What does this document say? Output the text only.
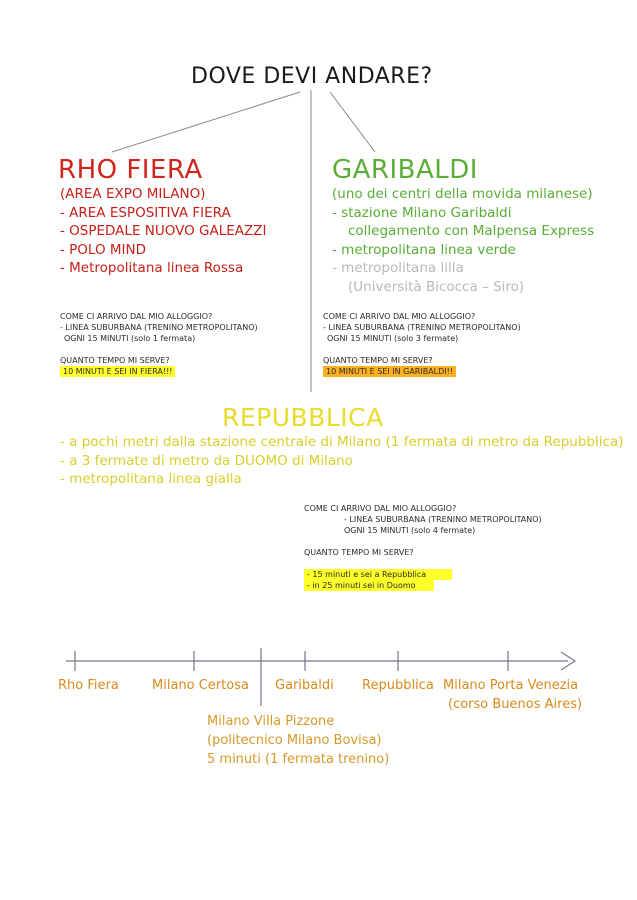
DOVE DEVI ANDARE?
RHO FIERA
(AREA EXPO MILANO)
- AREA ESPOSITIVA FIERA
- OSPEDALE NUOVO GALEAZZI
- POLO MIND
- Metropolitana linea Rossa
COME CI ARRIVO DAL MIO ALLOGGIO?
- LINEA SUBURBANA (TRENINO METROPOLITANO)
OGNI 15 MINUTI (solo 1 fermata)
QUANTO TEMPO MI SERVE?
10 MINUTI E SEI IN FIERA!!!
GARIBALDI
(uno dei centri della movida milanese)
- stazione Milano Garibaldi
collegamento con Malpensa Express
- metropolitana linea verde
- metropolitana lilla
(Università Bicocca – Siro)
COME CI ARRIVO DAL MIO ALLOGGIO?
- LINEA SUBURBANA (TRENINO METROPOLITANO)
OGNI 15 MINUTI (solo 3 fermate)
QUANTO TEMPO MI SERVE?
10 MINUTI E SEI IN GARIBALDI!!
REPUBBLICA
- a pochi metri dalla stazione centrale di Milano (1 fermata di metro da Repubblica)
- a 3 fermate di metro da DUOMO di Milano
- metropolitana linea gialla
COME CI ARRIVO DAL MIO ALLOGGIO?
- LINEA SUBURBANA (TRENINO METROPOLITANO)
OGNI 15 MINUTI (solo 4 fermate)
QUANTO TEMPO MI SERVE?
- 15 minuti e sei a Repubblica
- in 25 minuti sei in Duomo
Rho Fiera	Milano Certosa Garibaldi Repubblica Milano Porta Venezia
(corso Buenos Aires)
Milano Villa Pizzone
(politecnico Milano Bovisa)
5 minuti (1 fermata trenino)
